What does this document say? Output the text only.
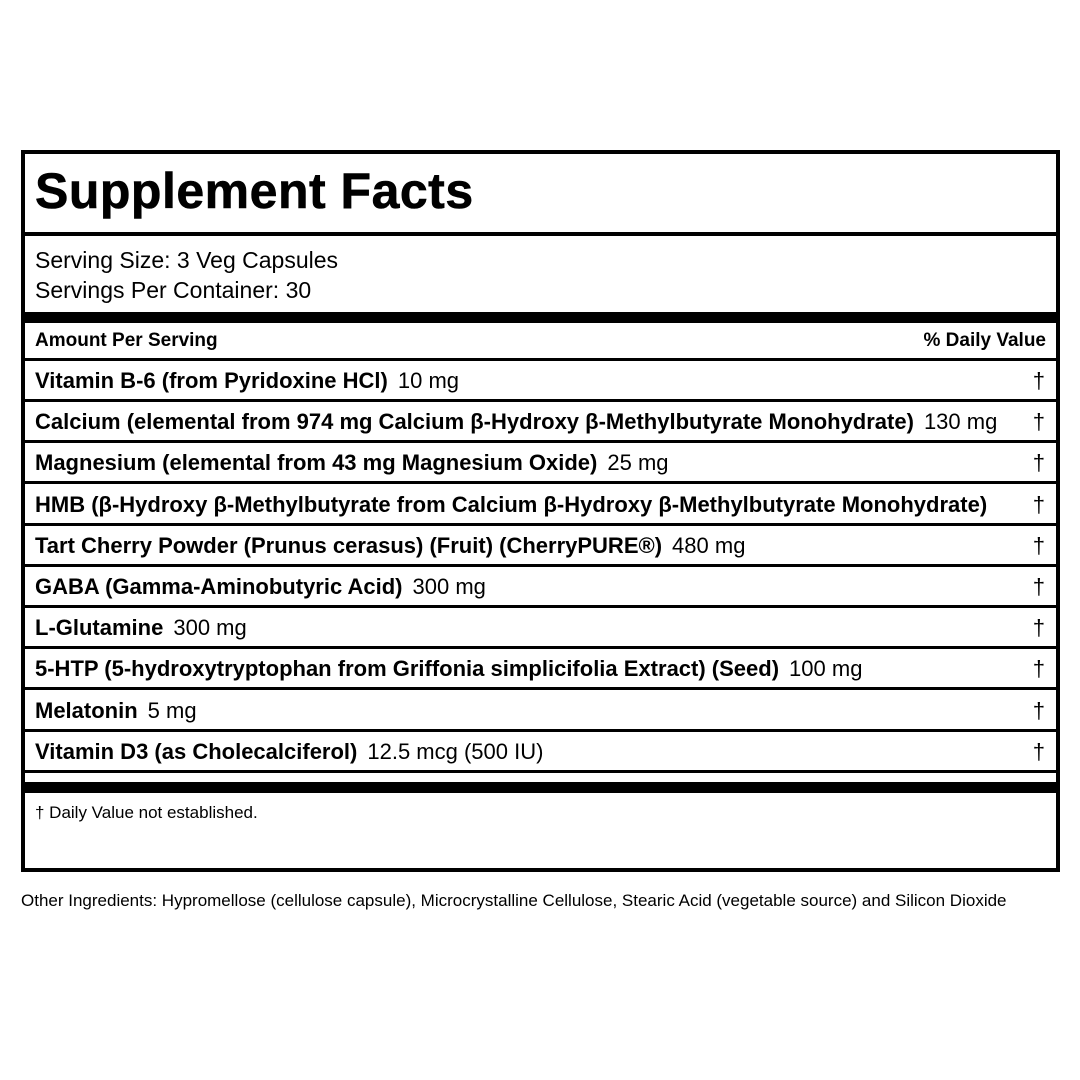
Supplement Facts
Serving Size: 3 Veg Capsules
Servings Per Container: 30
Amount Per Serving	% Daily Value
Vitamin B-6 (from Pyridoxine HCl) 10 mg	†
Calcium (elemental from 974 mg Calcium β-Hydroxy β-Methylbutyrate Monohydrate) 130 mg †
Magnesium (elemental from 43 mg Magnesium Oxide) 25 mg	†
HMB (β-Hydroxy β-Methylbutyrate from Calcium β-Hydroxy β-Methylbutyrate Monohydrate) †
Tart Cherry Powder (Prunus cerasus) (Fruit) (CherryPURE®) 480 mg	†
GABA (Gamma-Aminobutyric Acid) 300 mg	†
L-Glutamine 300 mg	†
5-HTP (5-hydroxytryptophan from Griffonia simplicifolia Extract) (Seed) 100 mg	†
Melatonin 5 mg	†
Vitamin D3 (as Cholecalciferol) 12.5 mcg (500 IU)	†
† Daily Value not established.
Other Ingredients: Hypromellose (cellulose capsule), Microcrystalline Cellulose, Stearic Acid (vegetable source) and Silicon Dioxide
